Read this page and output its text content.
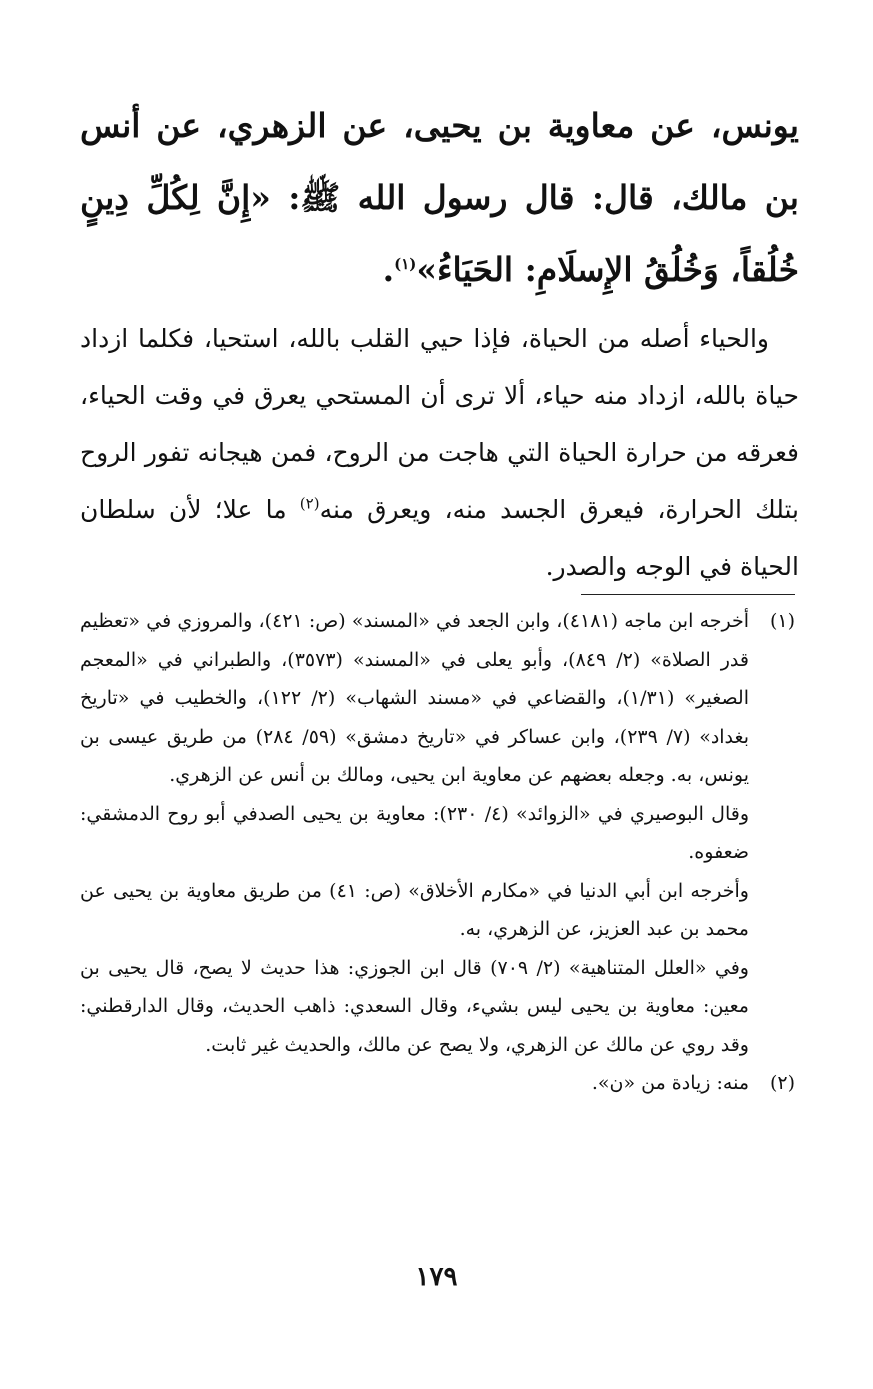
يونس، عن معاوية بن يحيى، عن الزهري، عن أنس بن مالك، قال: قال رسول الله ﷺ: «إِنَّ لِكُلِّ دِينٍ خُلُقاً، وَخُلُقُ الإِسلَامِ: الحَيَاءُ»$^{(١)}$.

والحياء أصله من الحياة، فإذا حيي القلب بالله، استحيا، فكلما ازداد حياة بالله، ازداد منه حياء، ألا ترى أن المستحي يعرق في وقت الحياء، فعرقه من حرارة الحياة التي هاجت من الروح، فمن هيجانه تفور الروح بتلك الحرارة، فيعرق الجسد منه، ويعرق منه$^{(٢)}$ ما علا؛ لأن سلطان الحياة في الوجه والصدر.

(١)

أخرجه ابن ماجه (٤١٨١)، وابن الجعد في «المسند» (ص: ٤٢١)، والمروزي في «تعظيم قدر الصلاة» (٢/ ٨٤٩)، وأبو يعلى في «المسند» (٣٥٧٣)، والطبراني في «المعجم الصغير» (١/٣١)، والقضاعي في «مسند الشهاب» (٢/ ١٢٢)، والخطيب في «تاريخ بغداد» (٧/ ٢٣٩)، وابن عساكر في «تاريخ دمشق» (٥٩/ ٢٨٤) من طريق عيسى بن يونس، به. وجعله بعضهم عن معاوية ابن يحيى، ومالك بن أنس عن الزهري.

وقال البوصيري في «الزوائد» (٤/ ٢٣٠): معاوية بن يحيى الصدفي أبو روح الدمشقي: ضعفوه.

وأخرجه ابن أبي الدنيا في «مكارم الأخلاق» (ص: ٤١) من طريق معاوية بن يحيى عن محمد بن عبد العزيز، عن الزهري، به.

وفي «العلل المتناهية» (٢/ ٧٠٩) قال ابن الجوزي: هذا حديث لا يصح، قال يحيى بن معين: معاوية بن يحيى ليس بشيء، وقال السعدي: ذاهب الحديث، وقال الدارقطني: وقد روي عن مالك عن الزهري، ولا يصح عن مالك، والحديث غير ثابت.

(٢)

منه: زيادة من «ن».

١٧٩
